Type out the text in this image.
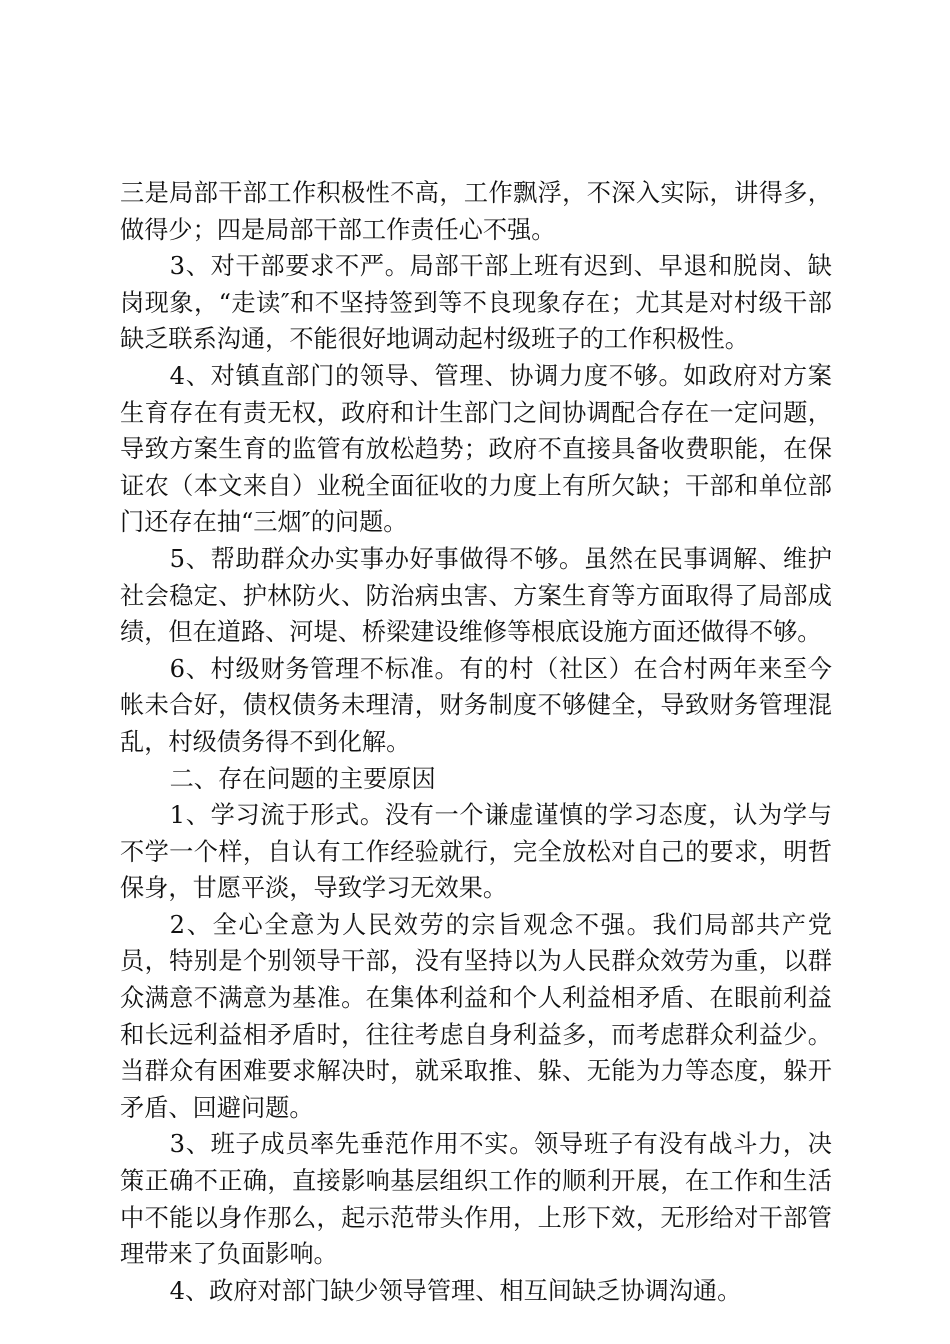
三是局部干部工作积极性不高，工作飘浮，不深入实际，讲得多，做得少；四是局部干部工作责任心不强。

3、对干部要求不严。局部干部上班有迟到、早退和脱岗、缺岗现象，“走读″和不坚持签到等不良现象存在；尤其是对村级干部缺乏联系沟通，不能很好地调动起村级班子的工作积极性。

4、对镇直部门的领导、管理、协调力度不够。如政府对方案生育存在有责无权，政府和计生部门之间协调配合存在一定问题，导致方案生育的监管有放松趋势；政府不直接具备收费职能，在保证农（本文来自）业税全面征收的力度上有所欠缺；干部和单位部门还存在抽“三烟″的问题。

5、帮助群众办实事办好事做得不够。虽然在民事调解、维护社会稳定、护林防火、防治病虫害、方案生育等方面取得了局部成绩，但在道路、河堤、桥梁建设维修等根底设施方面还做得不够。

6、村级财务管理不标准。有的村（社区）在合村两年来至今帐未合好，债权债务未理清，财务制度不够健全，导致财务管理混乱，村级债务得不到化解。

二、存在问题的主要原因

1、学习流于形式。没有一个谦虚谨慎的学习态度，认为学与不学一个样，自认有工作经验就行，完全放松对自己的要求，明哲保身，甘愿平淡，导致学习无效果。

2、全心全意为人民效劳的宗旨观念不强。我们局部共产党员，特别是个别领导干部，没有坚持以为人民群众效劳为重，以群众满意不满意为基准。在集体利益和个人利益相矛盾、在眼前利益和长远利益相矛盾时，往往考虑自身利益多，而考虑群众利益少。当群众有困难要求解决时，就采取推、躲、无能为力等态度，躲开矛盾、回避问题。

3、班子成员率先垂范作用不实。领导班子有没有战斗力，决策正确不正确，直接影响基层组织工作的顺利开展，在工作和生活中不能以身作那么，起示范带头作用，上形下效，无形给对干部管理带来了负面影响。

4、政府对部门缺少领导管理、相互间缺乏协调沟通。
